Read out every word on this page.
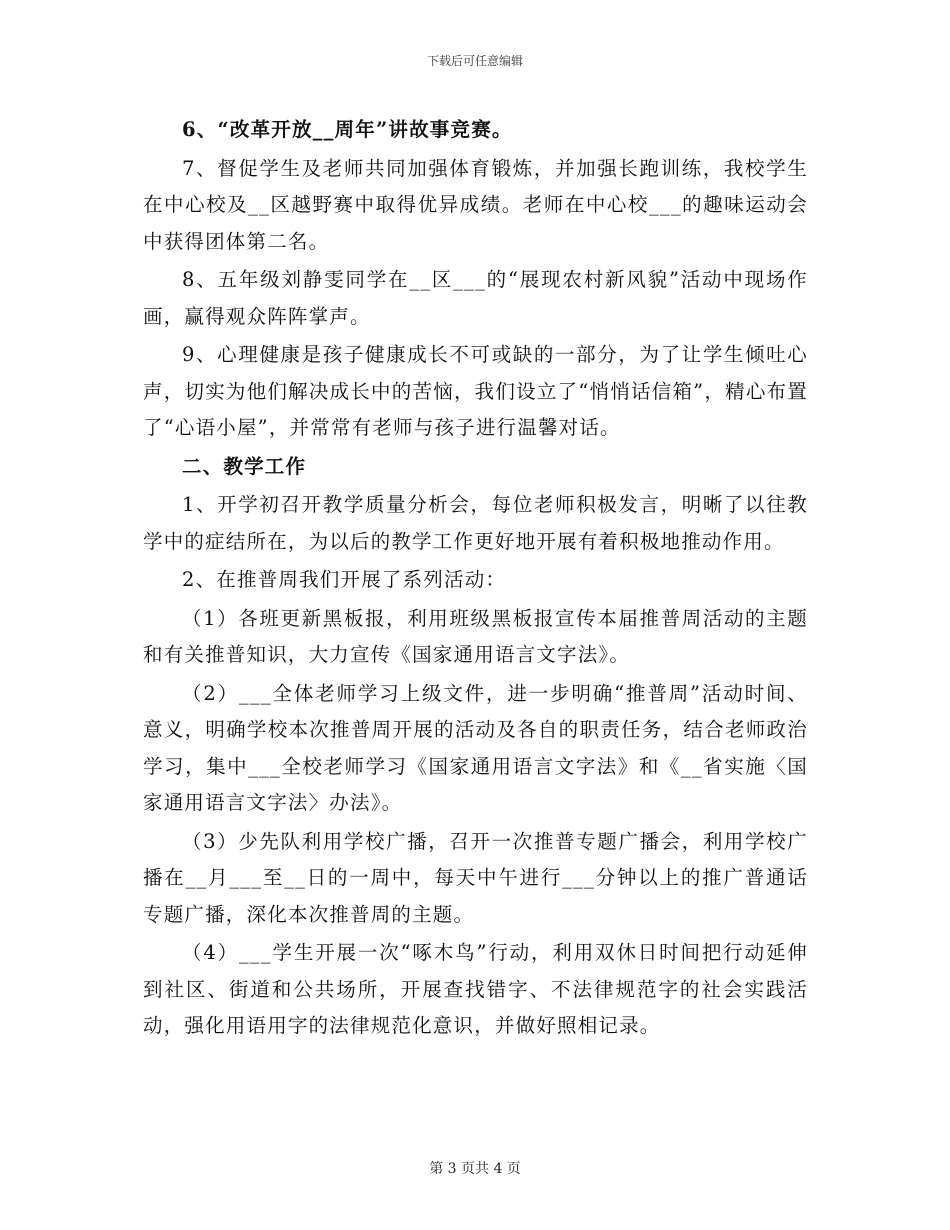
下载后可任意编辑

6、“改革开放__周年”讲故事竞赛。

7、督促学生及老师共同加强体育锻炼，并加强长跑训练，我校学生在中心校及__区越野赛中取得优异成绩。老师在中心校___的趣味运动会中获得团体第二名。

8、五年级刘静雯同学在__区___的“展现农村新风貌”活动中现场作画，赢得观众阵阵掌声。

9、心理健康是孩子健康成长不可或缺的一部分，为了让学生倾吐心声，切实为他们解决成长中的苦恼，我们设立了“悄悄话信箱”，精心布置了“心语小屋”，并常常有老师与孩子进行温馨对话。

二、教学工作

1、开学初召开教学质量分析会，每位老师积极发言，明晰了以往教学中的症结所在，为以后的教学工作更好地开展有着积极地推动作用。

2、在推普周我们开展了系列活动：

（1）各班更新黑板报，利用班级黑板报宣传本届推普周活动的主题和有关推普知识，大力宣传《国家通用语言文字法》。

（2）___全体老师学习上级文件，进一步明确“推普周”活动时间、意义，明确学校本次推普周开展的活动及各自的职责任务，结合老师政治学习，集中___全校老师学习《国家通用语言文字法》和《__省实施〈国家通用语言文字法〉办法》。

（3）少先队利用学校广播，召开一次推普专题广播会，利用学校广播在__月___至__日的一周中，每天中午进行___分钟以上的推广普通话专题广播，深化本次推普周的主题。

（4）___学生开展一次“啄木鸟”行动，利用双休日时间把行动延伸到社区、街道和公共场所，开展查找错字、不法律规范字的社会实践活动，强化用语用字的法律规范化意识，并做好照相记录。

第 3 页共 4 页
